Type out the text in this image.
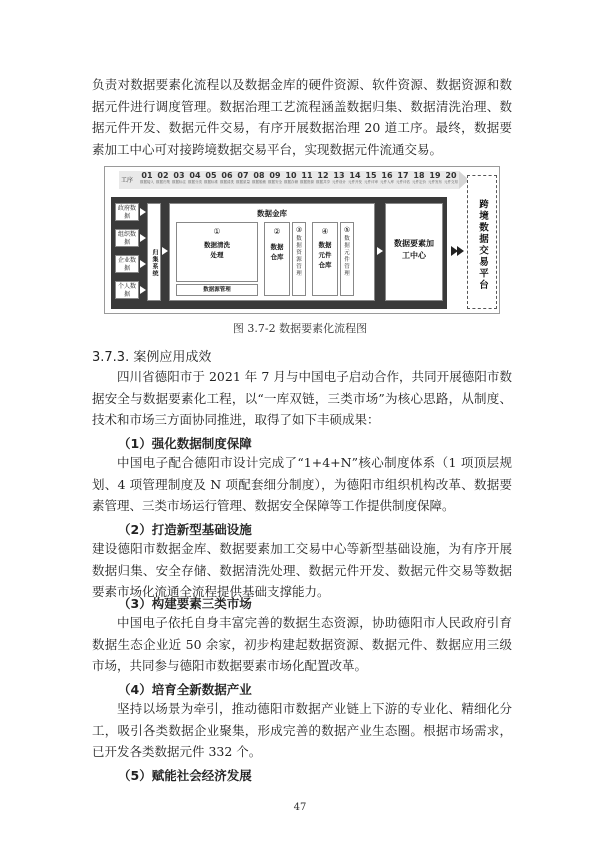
负责对数据要素化流程以及数据金库的硬件资源、软件资源、数据资源和数据元件进行调度管理。数据治理工艺流程涵盖数据归集、数据清洗治理、数据元件开发、数据元件交易，有序开展数据治理 20 道工序。最终，数据要素加工中心可对接跨境数据交易平台，实现数据元件流通交易。

工序
01
数据接入
02
数据归集
03
数据标注
04
数据分类
05
数据标准
06
数据清洗
07
数据质量
08
数据脱敏
09
数据安全
10
数据存储
11
数据资源
12
数据共享
13
元件设计
14
元件开发
15
元件评审
16
元件入库
17
元件评估
18
元件定价
19
元件发布
20
元件交易
政府数据
组织数据
企业数据
个人数据
归集系统
数据金库
①
数据清洗处理
数据源管理
②
数据仓库
③
数据资源管理
④
数据元件仓库
⑤
数据元件管理
数据要素加工中心	跨境数据交易平台
图 3.7-2 数据要素化流程图
3.7.3. 案例应用成效

四川省德阳市于 2021 年 7 月与中国电子启动合作，共同开展德阳市数据安全与数据要素化工程，以“一库双链，三类市场”为核心思路，从制度、技术和市场三方面协同推进，取得了如下丰硕成果：

（1）强化数据制度保障

中国电子配合德阳市设计完成了“1+4+N”核心制度体系（1 项顶层规划、4 项管理制度及 N 项配套细分制度），为德阳市组织机构改革、数据要素管理、三类市场运行管理、数据安全保障等工作提供制度保障。

（2）打造新型基础设施

建设德阳市数据金库、数据要素加工交易中心等新型基础设施，为有序开展数据归集、安全存储、数据清洗处理、数据元件开发、数据元件交易等数据要素市场化流通全流程提供基础支撑能力。

（3）构建要素三类市场

中国电子依托自身丰富完善的数据生态资源，协助德阳市人民政府引育数据生态企业近 50 余家，初步构建起数据资源、数据元件、数据应用三级市场，共同参与德阳市数据要素市场化配置改革。

（4）培育全新数据产业

坚持以场景为牵引，推动德阳市数据产业链上下游的专业化、精细化分工，吸引各类数据企业聚集，形成完善的数据产业生态圈。根据市场需求，已开发各类数据元件 332 个。

（5）赋能社会经济发展
47
